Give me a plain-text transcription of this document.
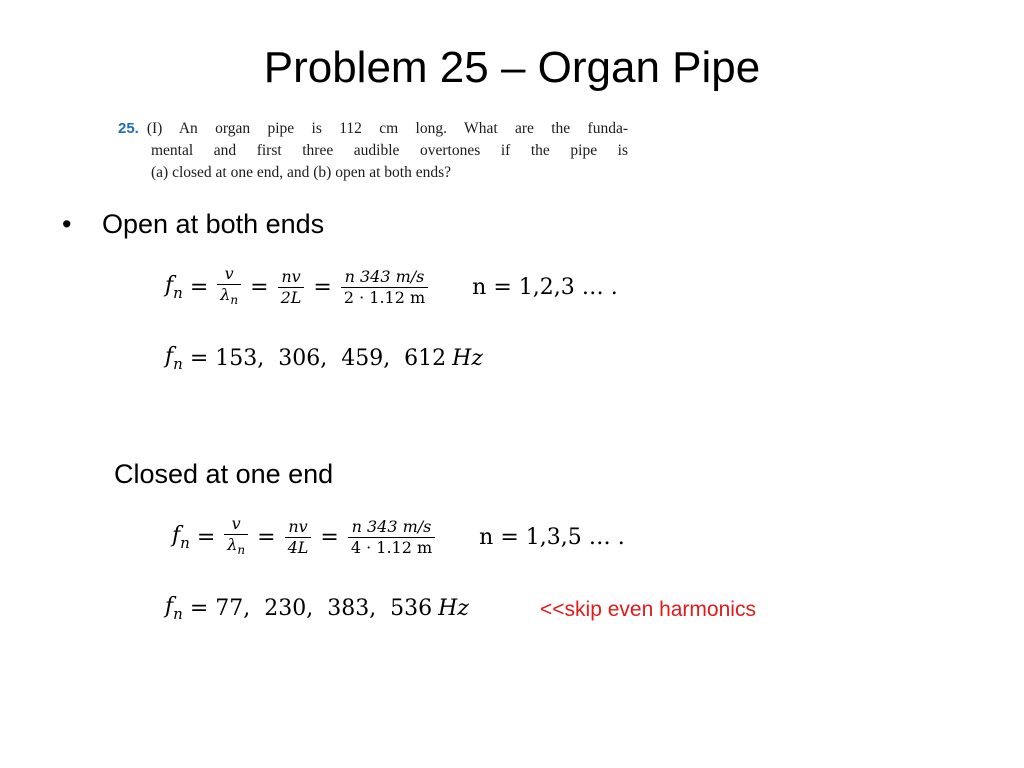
Problem 25 – Organ Pipe
25. (I) An organ pipe is 112 cm long. What are the funda-
mental and first three audible overtones if the pipe is
(a) closed at one end, and (b) open at both ends?
• Open at both ends
$f_n = \frac{v}{\lambda_n} = \frac{nv}{2L} = \frac{n 343 m/s}{2 \cdot 1.12 m}$ n = 1,2,3 … .
$f_n = 153$,  306,  459,  612 Hz
Closed at one end
$f_n = \frac{v}{\lambda_n} = \frac{nv}{4L} = \frac{n 343 m/s}{4 \cdot 1.12 m}$ n = 1,3,5 … .
$f_n = 77$,  230,  383,  536 Hz	<<skip even harmonics
